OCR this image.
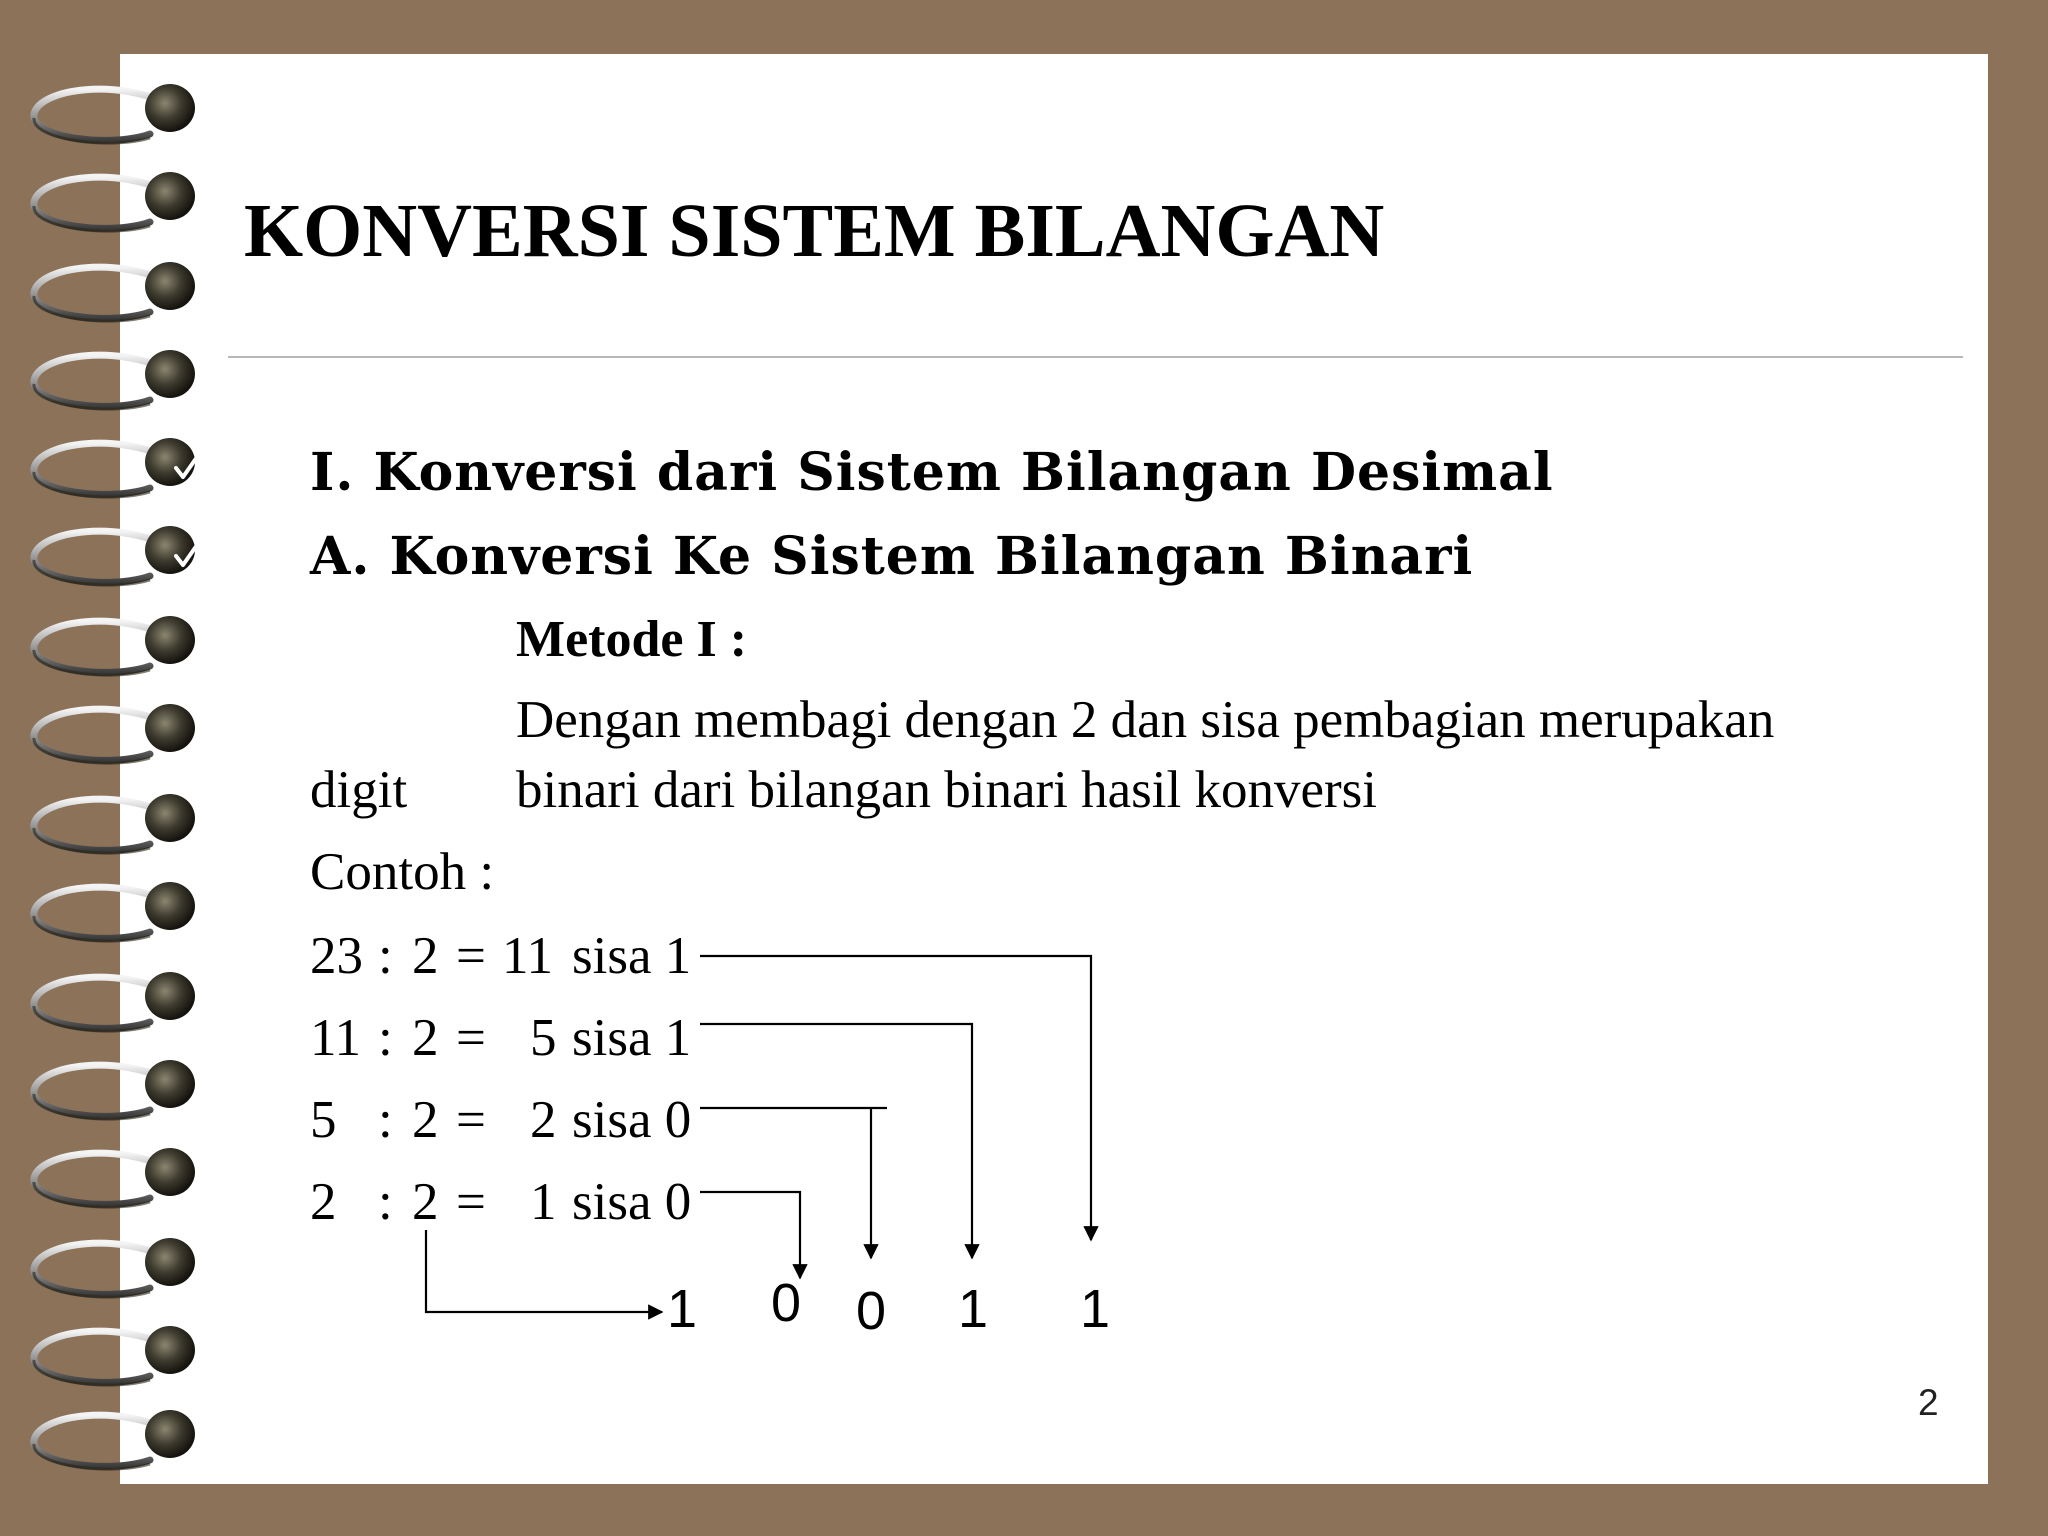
KONVERSI SISTEM BILANGAN
I. Konversi dari Sistem Bilangan Desimal
A. Konversi Ke Sistem Bilangan Binari
Metode I :
Dengan membagi dengan 2 dan sisa pembagian merupakan
digit binari dari bilangan binari hasil konversi
Contoh :
23 : 2 = 11 sisa 1
11 : 2 = 5 sisa 1
5 : 2 = 2 sisa 0
2 : 2 = 1 sisa 0
1 0 0 1 1
2
